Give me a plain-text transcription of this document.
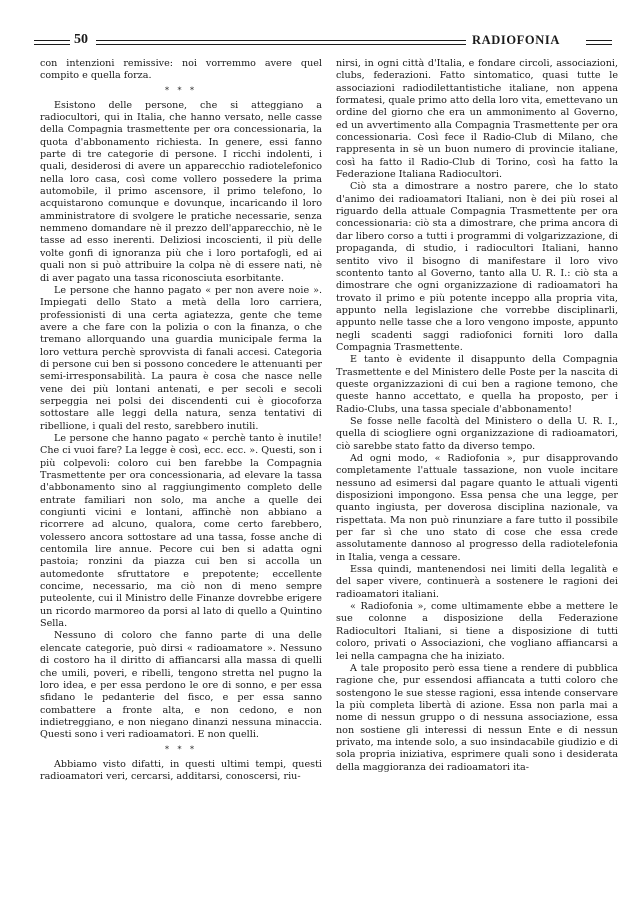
50	RADIOFONIA

con intenzioni remissive: noi vorremmo avere quel compito e quella forza.

* * *

Esistono delle persone, che si atteggiano a radiocultori, qui in Italia, che hanno versato, nelle casse della Compagnia trasmettente per ora concessionaria, la quota d'abbonamento richiesta. In genere, essi fanno parte di tre categorie di persone. I ricchi indolenti, i quali, desiderosi di avere un apparecchio radiotelefonico nella loro casa, così come vollero possedere la prima automobile, il primo ascensore, il primo telefono, lo acquistarono comunque e dovunque, incaricando il loro amministratore di svolgere le pratiche necessarie, senza nemmeno domandare nè il prezzo dell'apparecchio, nè le tasse ad esso inerenti. Deliziosi incoscienti, il più delle volte gonfi di ignoranza più che i loro portafogli, ed ai quali non si può attribuire la colpa nè di essere nati, nè di aver pagato una tassa riconosciuta esorbitante.

Le persone che hanno pagato « per non avere noie ». Impiegati dello Stato a metà della loro carriera, professionisti di una certa agiatezza, gente che teme avere a che fare con la polizia o con la finanza, o che tremano allorquando una guardia municipale ferma la loro vettura perchè sprovvista di fanali accesi. Categoria di persone cui ben si possono concedere le attenuanti per semi-irresponsabilità. La paura è cosa che nasce nelle vene dei più lontani antenati, e per secoli e secoli serpeggia nei polsi dei discendenti cui è giocoforza sottostare alle leggi della natura, senza tentativi di ribellione, i quali del resto, sarebbero inutili.

Le persone che hanno pagato « perchè tanto è inutile! Che ci vuoi fare? La legge è così, ecc. ecc. ». Questi, son i più colpevoli: coloro cui ben farebbe la Compagnia Trasmettente per ora concessionaria, ad elevare la tassa d'abbonamento sino al raggiungimento completo delle entrate familiari non solo, ma anche a quelle dei congiunti vicini e lontani, affinchè non abbiano a ricorrere ad alcuno, qualora, come certo farebbero, volessero ancora sottostare ad una tassa, fosse anche di centomila lire annue. Pecore cui ben si adatta ogni pastoia; ronzini da piazza cui ben si accolla un automedonte sfruttatore e prepotente; eccellente concime, necessario, ma ciò non di meno sempre puteolente, cui il Ministro delle Finanze dovrebbe erigere un ricordo marmoreo da porsi al lato di quello a Quintino Sella.

Nessuno di coloro che fanno parte di una delle elencate categorie, può dirsi « radioamatore ». Nessuno di costoro ha il diritto di affiancarsi alla massa di quelli che umili, poveri, e ribelli, tengono stretta nel pugno la loro idea, e per essa perdono le ore di sonno, e per essa sfidano le pedanterie del fisco, e per essa sanno combattere a fronte alta, e non cedono, e non indietreggiano, e non niegano dinanzi nessuna minaccia. Questi sono i veri radioamatori. E non quelli.

* * *

Abbiamo visto difatti, in questi ultimi tempi, questi radioamatori veri, cercarsi, additarsi, conoscersi, riu-

nirsi, in ogni città d'Italia, e fondare circoli, associazioni, clubs, federazioni. Fatto sintomatico, quasi tutte le associazioni radiodilettantistiche italiane, non appena formatesi, quale primo atto della loro vita, emettevano un ordine del giorno che era un ammonimento al Governo, ed un avvertimento alla Compagnia Trasmettente per ora concessionaria. Così fece il Radio-Club di Milano, che rappresenta in sè un buon numero di provincie italiane, così ha fatto il Radio-Club di Torino, così ha fatto la Federazione Italiana Radiocultori.

Ciò sta a dimostrare a nostro parere, che lo stato d'animo dei radioamatori Italiani, non è dei più rosei al riguardo della attuale Compagnia Trasmettente per ora concessionaria: ciò sta a dimostrare, che prima ancora di dar libero corso a tutti i programmi di volgarizzazione, di propaganda, di studio, i radiocultori Italiani, hanno sentito vivo il bisogno di manifestare il loro vivo scontento tanto al Governo, tanto alla U. R. I.: ciò sta a dimostrare che ogni organizzazione di radioamatori ha trovato il primo e più potente inceppo alla propria vita, appunto nella legislazione che vorrebbe disciplinarli, appunto nelle tasse che a loro vengono imposte, appunto negli scadenti saggi radiofonici forniti loro dalla Compagnia Trasmettente.

E tanto è evidente il disappunto della Compagnia Trasmettente e del Ministero delle Poste per la nascita di queste organizzazioni di cui ben a ragione temono, che queste hanno accettato, e quella ha proposto, per i Radio-Clubs, una tassa speciale d'abbonamento!

Se fosse nelle facoltà del Ministero o della U. R. I., quella di sciogliere ogni organizzazione di radioamatori, ciò sarebbe stato fatto da diverso tempo.

Ad ogni modo, « Radiofonia », pur disapprovando completamente l'attuale tassazione, non vuole incitare nessuno ad esimersi dal pagare quanto le attuali vigenti disposizioni impongono. Essa pensa che una legge, per quanto ingiusta, per doverosa disciplina nazionale, va rispettata. Ma non può rinunziare a fare tutto il possibile per far sì che uno stato di cose che essa crede assolutamente dannoso al progresso della radiotelefonia in Italia, venga a cessare.

Essa quindi, mantenendosi nei limiti della legalità e del saper vivere, continuerà a sostenere le ragioni dei radioamatori italiani.

« Radiofonia », come ultimamente ebbe a mettere le sue colonne a disposizione della Federazione Radiocultori Italiani, si tiene a disposizione di tutti coloro, privati o Associazioni, che vogliano affiancarsi a lei nella campagna che ha iniziato.

A tale proposito però essa tiene a rendere di pubblica ragione che, pur essendosi affiancata a tutti coloro che sostengono le sue stesse ragioni, essa intende conservare la più completa libertà di azione. Essa non parla mai a nome di nessun gruppo o di nessuna associazione, essa non sostiene gli interessi di nessun Ente e di nessun privato, ma intende solo, a suo insindacabile giudizio e di sola propria iniziativa, esprimere quali sono i desiderata della maggioranza dei radioamatori ita-
